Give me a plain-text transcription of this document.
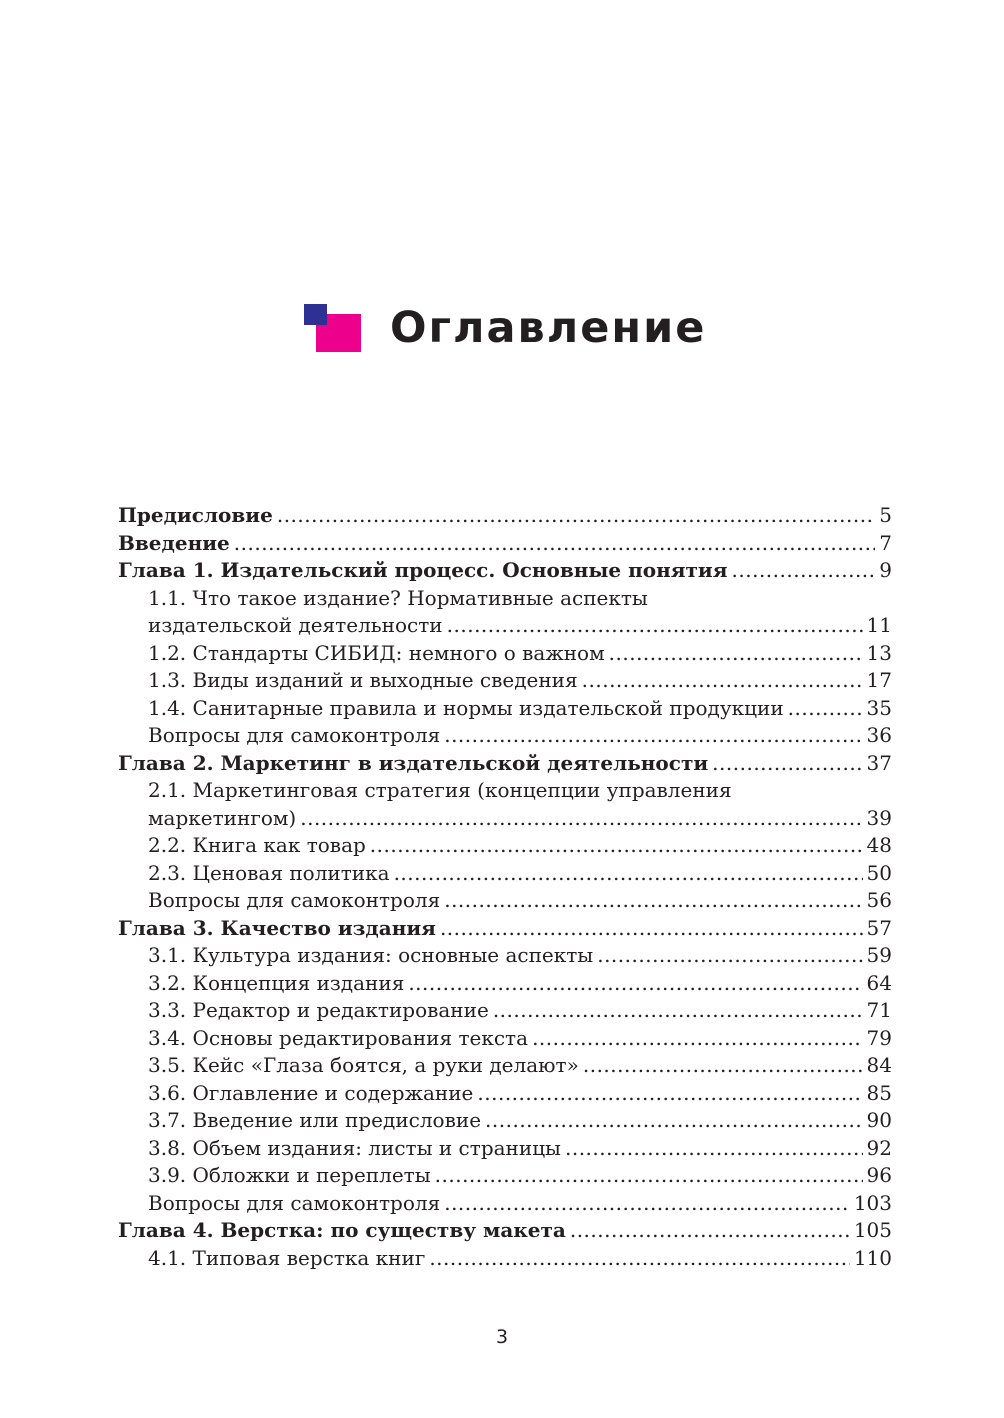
Оглавление
Предисловие .....	5
Введение .....	7
Глава 1. Издательский процесс. Основные понятия .....	9
1.1. Что такое издание? Нормативные аспекты
издательской деятельности .....	11
1.2. Стандарты СИБИД: немного о важном .....	13
1.3. Виды изданий и выходные сведения .....	17
1.4. Санитарные правила и нормы издательской продукции .....	35
Вопросы для самоконтроля .....	36
Глава 2. Маркетинг в издательской деятельности .....	37
2.1. Маркетинговая стратегия (концепции управления
маркетингом) .....	39
2.2. Книга как товар .....	48
2.3. Ценовая политика .....	50
Вопросы для самоконтроля .....	56
Глава 3. Качество издания .....	57
3.1. Культура издания: основные аспекты .....	59
3.2. Концепция издания .....	64
3.3. Редактор и редактирование .....	71
3.4. Основы редактирования текста .....	79
3.5. Кейс «Глаза боятся, а руки делают» .....	84
3.6. Оглавление и содержание .....	85
3.7. Введение или предисловие .....	90
3.8. Объем издания: листы и страницы .....	92
3.9. Обложки и переплеты .....	96
Вопросы для самоконтроля .....	103
Глава 4. Верстка: по существу макета .....	105
4.1. Типовая верстка книг .....	110
3
